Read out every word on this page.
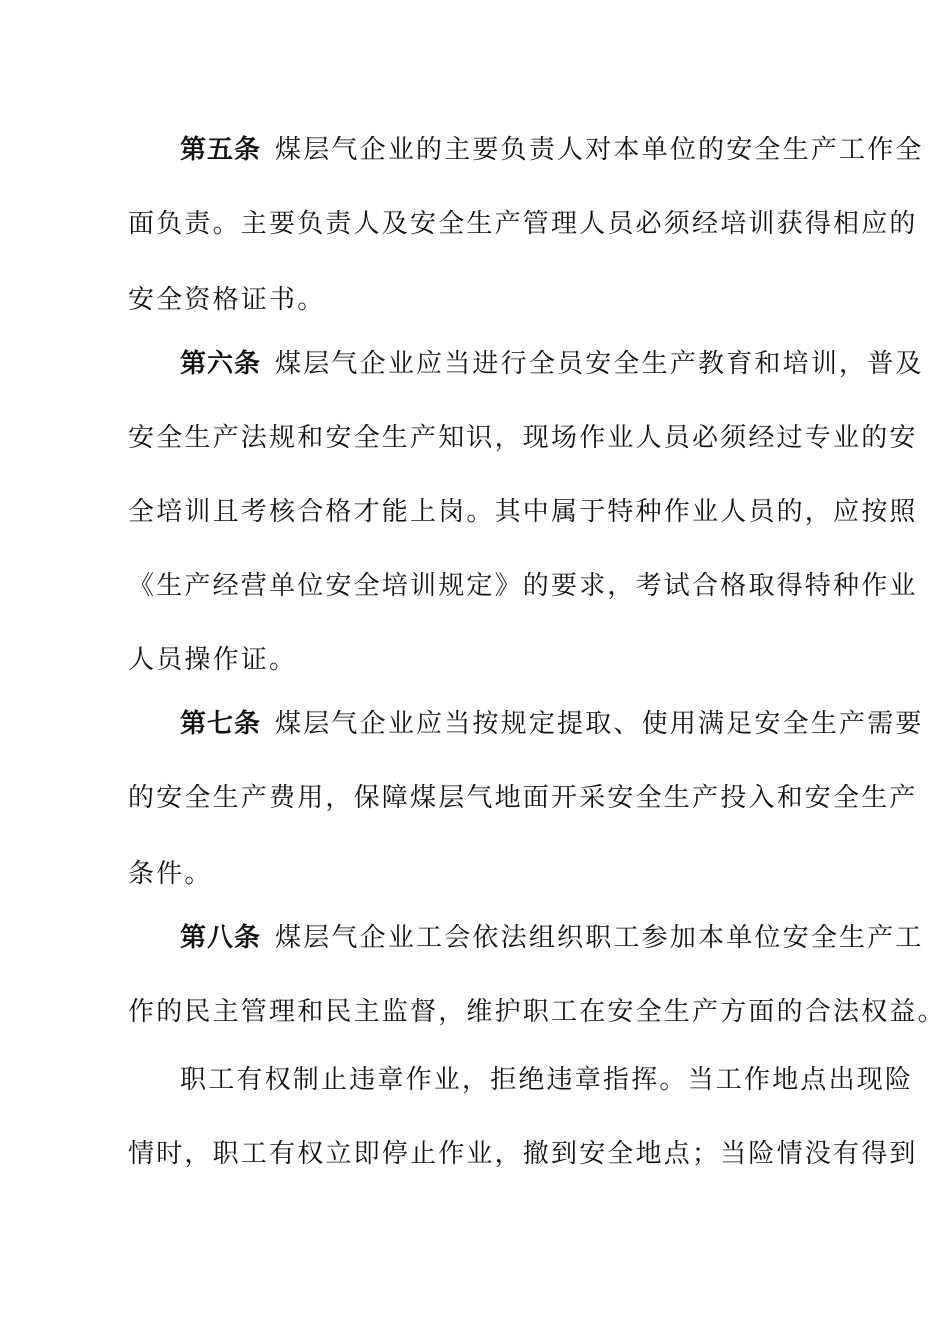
第五条 煤层气企业的主要负责人对本单位的安全生产工作全
面负责。主要负责人及安全生产管理人员必须经培训获得相应的
安全资格证书。
第六条 煤层气企业应当进行全员安全生产教育和培训，普及
安全生产法规和安全生产知识，现场作业人员必须经过专业的安
全培训且考核合格才能上岗。其中属于特种作业人员的，应按照
《生产经营单位安全培训规定》的要求，考试合格取得特种作业
人员操作证。
第七条 煤层气企业应当按规定提取、使用满足安全生产需要
的安全生产费用，保障煤层气地面开采安全生产投入和安全生产
条件。
第八条 煤层气企业工会依法组织职工参加本单位安全生产工
作的民主管理和民主监督，维护职工在安全生产方面的合法权益。
职工有权制止违章作业，拒绝违章指挥。当工作地点出现险
情时，职工有权立即停止作业，撤到安全地点；当险情没有得到
